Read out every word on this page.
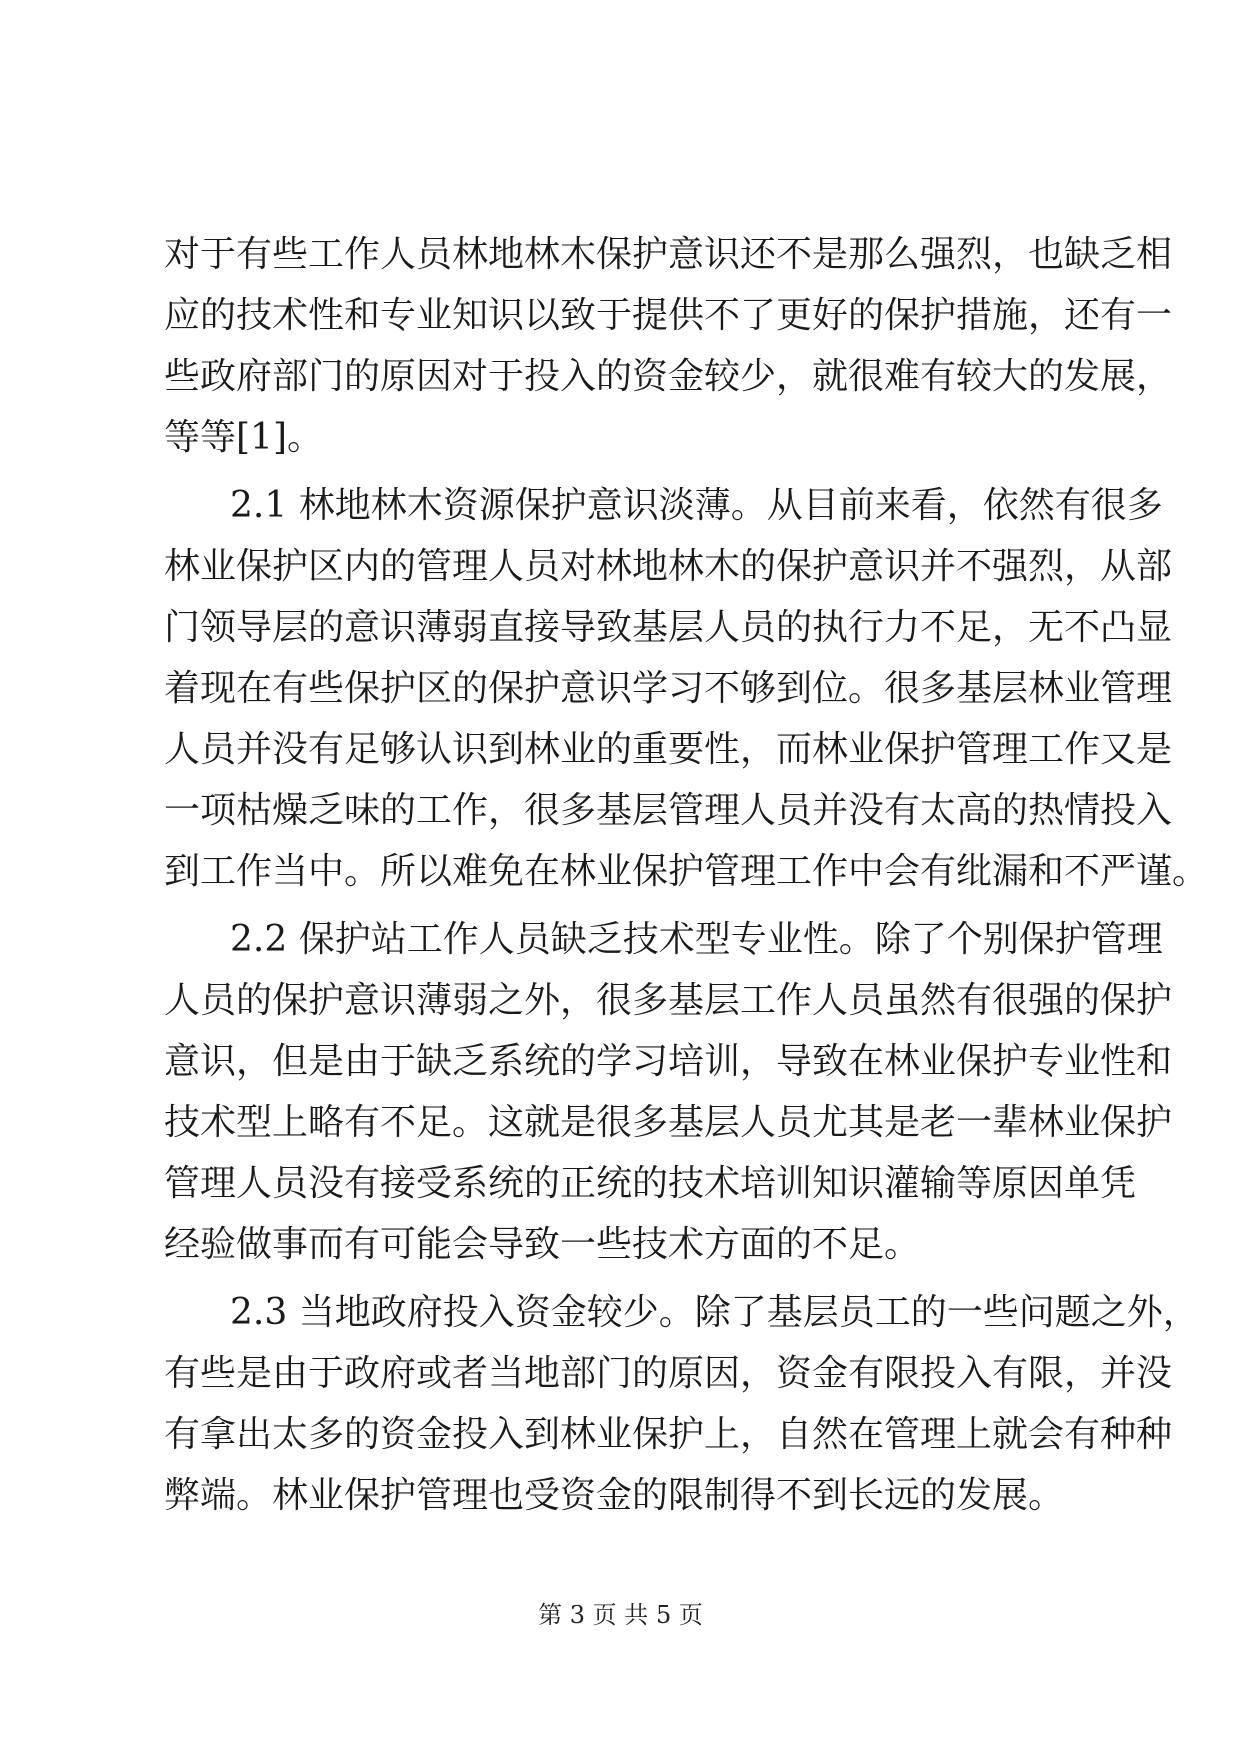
对于有些工作人员林地林木保护意识还不是那么强烈，也缺乏相
应的技术性和专业知识以致于提供不了更好的保护措施，还有一
些政府部门的原因对于投入的资金较少，就很难有较大的发展，
等等[1]。
2.1 林地林木资源保护意识淡薄。从目前来看，依然有很多
林业保护区内的管理人员对林地林木的保护意识并不强烈，从部
门领导层的意识薄弱直接导致基层人员的执行力不足，无不凸显
着现在有些保护区的保护意识学习不够到位。很多基层林业管理
人员并没有足够认识到林业的重要性，而林业保护管理工作又是
一项枯燥乏味的工作，很多基层管理人员并没有太高的热情投入
到工作当中。所以难免在林业保护管理工作中会有纰漏和不严谨。
2.2 保护站工作人员缺乏技术型专业性。除了个别保护管理
人员的保护意识薄弱之外，很多基层工作人员虽然有很强的保护
意识，但是由于缺乏系统的学习培训，导致在林业保护专业性和
技术型上略有不足。这就是很多基层人员尤其是老一辈林业保护
管理人员没有接受系统的正统的技术培训知识灌输等原因单凭
经验做事而有可能会导致一些技术方面的不足。
2.3 当地政府投入资金较少。除了基层员工的一些问题之外，
有些是由于政府或者当地部门的原因，资金有限投入有限，并没
有拿出太多的资金投入到林业保护上，自然在管理上就会有种种
弊端。林业保护管理也受资金的限制得不到长远的发展。
第 3 页 共 5 页
